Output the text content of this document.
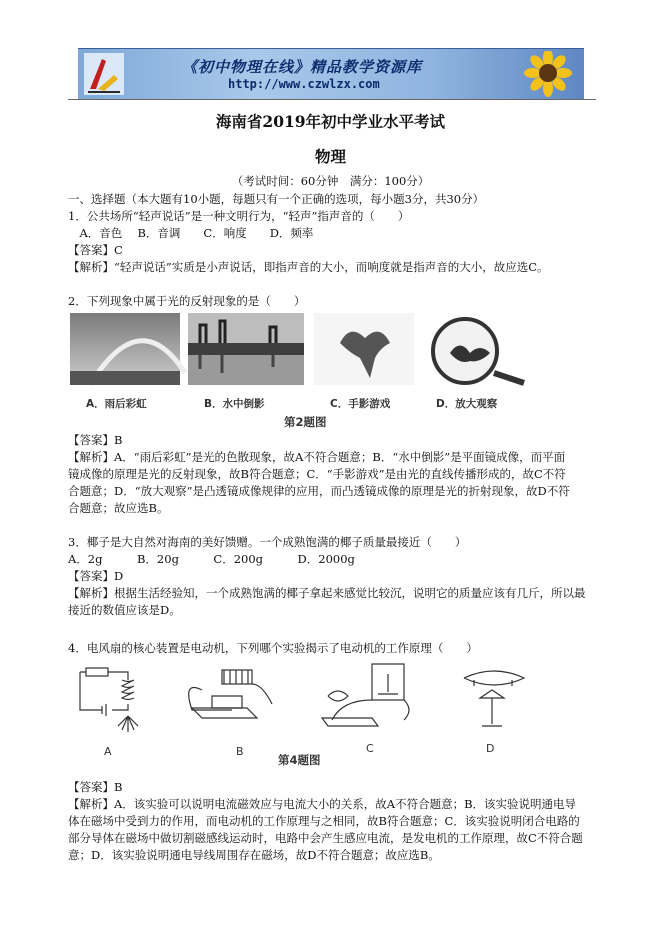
《初中物理在线》精品教学资源库
http://www.czwlzx.com
海南省2019年初中学业水平考试
物理
（考试时间：60分钟　满分：100分）
一、选择题（本大题有10小题，每题只有一个正确的选项，每小题3分，共30分）
1．公共场所“轻声说话”是一种文明行为，“轻声”指声音的（　　）
　A．音色　 B．音调　　C．响度　　D．频率
【答案】C
【解析】“轻声说话”实质是小声说话，即指声音的大小，而响度就是指声音的大小，故应选C。
2．下列现象中属于光的反射现象的是（　　）
A．雨后彩虹	B．水中倒影	C．手影游戏	D．放大观察
第2题图
【答案】B
【解析】A．“雨后彩虹”是光的色散现象，故A不符合题意；B．“水中倒影”是平面镜成像，而平面
镜成像的原理是光的反射现象，故B符合题意；C．“手影游戏”是由光的直线传播形成的，故C不符
合题意；D．“放大观察”是凸透镜成像规律的应用，而凸透镜成像的原理是光的折射现象，故D不符
合题意；故应选B。
3．椰子是大自然对海南的美好馈赠。一个成熟饱满的椰子质量最接近（　　）
A．2g　　　B．20g　　　C．200g　　　D．2000g
【答案】D
【解析】根据生活经验知，一个成熟饱满的椰子拿起来感觉比较沉，说明它的质量应该有几斤，所以最
接近的数值应该是D。
4．电风扇的核心装置是电动机，下列哪个实验揭示了电动机的工作原理（　　）
A	B	C	D
第4题图
【答案】B
【解析】A．该实验可以说明电流磁效应与电流大小的关系，故A不符合题意；B．该实验说明通电导
体在磁场中受到力的作用，而电动机的工作原理与之相同，故B符合题意；C．该实验说明闭合电路的
部分导体在磁场中做切割磁感线运动时，电路中会产生感应电流，是发电机的工作原理，故C不符合题
意；D．该实验说明通电导线周围存在磁场，故D不符合题意；故应选B。
